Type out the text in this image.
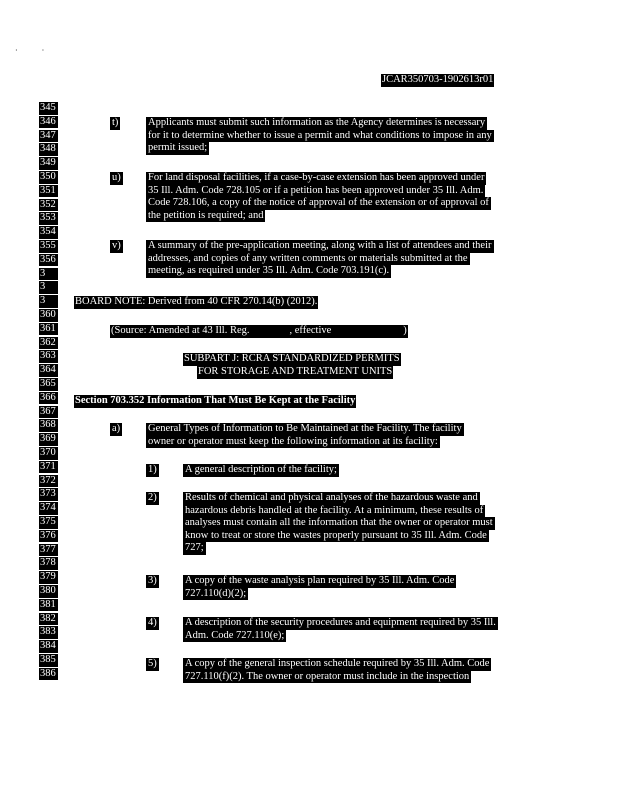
·            ·
JCAR350703-1902613r01
345
346
347
348
349
350
351
352
353
354
355
356
3
3
3
360
361
362
363
364
365
366
367
368
369
370
371
372
373
374
375
376
377
378
379
380
381
382
383
384
385
386
t)	Applicants must submit such information as the Agency determines is necessary
for it to determine whether to issue a permit and what conditions to impose in any
permit issued;
u)	For land disposal facilities, if a case-by-case extension has been approved under
35 Ill. Adm. Code 728.105 or if a petition has been approved under 35 Ill. Adm.
Code 728.106, a copy of the notice of approval of the extension or of approval of
the petition is required; and
v)	A summary of the pre-application meeting, along with a list of attendees and their
addresses, and copies of any written comments or materials submitted at the
meeting, as required under 35 Ill. Adm. Code 703.191(c).
BOARD NOTE: Derived from 40 CFR 270.14(b) (2012).
(Source: Amended at 43 Ill. Reg.	, effective	)
SUBPART J: RCRA STANDARDIZED PERMITS
FOR STORAGE AND TREATMENT UNITS
Section 703.352 Information That Must Be Kept at the Facility
a)	General Types of Information to Be Maintained at the Facility. The facility
owner or operator must keep the following information at its facility:
1)	A general description of the facility;
2)	Results of chemical and physical analyses of the hazardous waste and
hazardous debris handled at the facility. At a minimum, these results of
analyses must contain all the information that the owner or operator must
know to treat or store the wastes properly pursuant to 35 Ill. Adm. Code
727;
3)	A copy of the waste analysis plan required by 35 Ill. Adm. Code
727.110(d)(2);
4)	A description of the security procedures and equipment required by 35 Ill.
Adm. Code 727.110(e);
5)	A copy of the general inspection schedule required by 35 Ill. Adm. Code
727.110(f)(2). The owner or operator must include in the inspection
